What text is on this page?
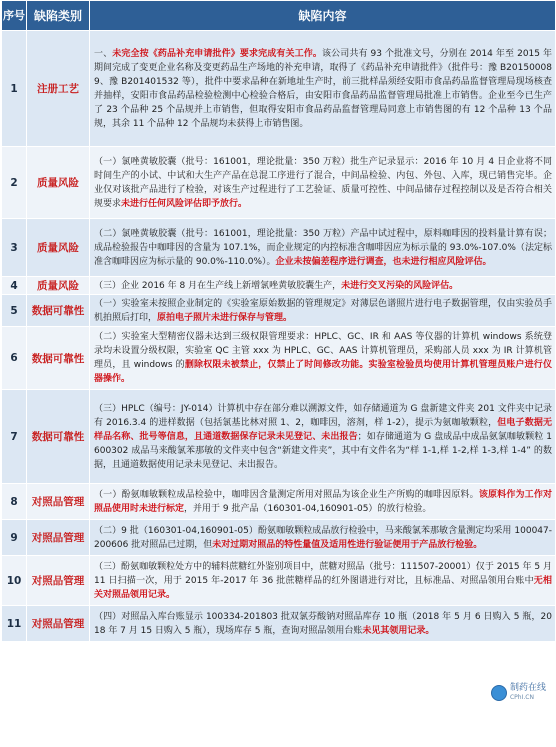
序号	缺陷类别	缺陷内容
1	注册工艺	一、未完全按《药品补充申请批件》要求完成有关工作。该公司共有 93 个批准文号，分别在 2014 年至 2015 年期间完成了变更企业名称及变更药品生产场地的补充申请，取得了《药品补充申请批件》（批件号：豫 B201500089、豫 B201401532 等），批件中要求品种在新地址生产时，前三批样品须经安阳市食品药品监督管理局现场核查并抽样，安阳市食品药品检验检测中心检验合格后，由安阳市食品药品监督管理局批准上市销售。企业至今已生产了 23 个品种 25 个品规并上市销售，但取得安阳市食品药品监督管理局同意上市销售图的有 12 个品种 13 个品规，其余 11 个品种 12 个品规均未获得上市销售图。
2	质量风险	（一）氯唑黄敏胶囊（批号：161001，理论批量：350 万粒）批生产记录显示：2016 年 10 月 4 日企业将不同时间生产的小试、中试和大生产产品在总混工序进行了混合，中间品检验、内包、外包、入库，现已销售完毕。企业仅对该批产品进行了检验，对该生产过程进行了工艺验证、质量可控性、中间品储存过程控制以及是否符合相关规要求未进行任何风险评估即予放行。
3	质量风险	（二）氯唑黄敏胶囊（批号：161001，理论批量：350 万粒）产品中试过程中，原料咖啡因的投料量计算有误；成品检验报告中咖啡因的含量为 107.1%，而企业规定的内控标准含咖啡因应为标示量的 93.0%-107.0%（法定标准含咖啡因应为标示量的 90.0%-110.0%）。企业未按偏差程序进行调查，也未进行相应风险评估。
4	质量风险	（三）企业 2016 年 8 月在生产线上新增氯唑黄敏胶囊生产，未进行交叉污染的风险评估。
5	数据可靠性	（一）实验室未按照企业制定的《实验室原始数据的管理规定》对薄层色谱照片进行电子数据管理，仅由实验员手机拍照后打印，原拍电子照片未进行保存与管理。
6	数据可靠性	（二）实验室大型精密仪器未达到三级权限管理要求：HPLC、GC、IR 和 AAS 等仪器的计算机 windows 系统登录均未设置分级权限，实验室 QC 主管 xxx 为 HPLC、GC、AAS 计算机管理员，采购部人员 xxx 为 IR 计算机管理员，且 windows 的删除权限未被禁止，仅禁止了时间修改功能。实验室检验员均使用计算机管理员账户进行仪器操作。
7	数据可靠性	（三）HPLC（编号：JY-014）计算机中存在部分难以溯源文件，如存储通道为 G 盘新建文件夹 201 文件夹中记录有 2016.3.4 的进样数据（包括氯基比林对照 1、2，咖啡因，溶剂，样 1-2），提示为氨咖敏颗粒，但电子数据无样品名称、批号等信息，且通道数据保存记录未见登记、未出报告；如存储通道为 G 盘成品中成品氨氯咖敏颗粒 1600302 成品马来酸氯苯那敏的文件夹中包含“新建文件夹”，其中有文件名为“样 1-1,样 1-2,样 1-3,样 1-4” 的数据，且通道数据使用记录未见登记、未出报告。
8	对照品管理	（一）酚氨咖敏颗粒成品检验中，咖啡因含量测定所用对照品为该企业生产所购的咖啡因原料。该原料作为工作对照品使用时未进行标定，并用于 9 批产品（160301-04,160901-05）的放行检验。
9	对照品管理	（二）9 批（160301-04,160901-05）酚氨咖敏颗粒成品放行检验中，马来酸氯苯那敏含量测定均采用 100047-200606 批对照品已过期，但未对过期对照品的特性量值及适用性进行验证便用于产品放行检验。
10	对照品管理	（三）酚氨咖敏颗粒处方中的辅料蔗糖红外鉴别项目中，蔗糖对照品（批号：111507-20001）仅于 2015 年 5 月 11 日扫描一次，用于 2015 年-2017 年 36 批蔗糖样品的红外图谱进行对比，且标准品、对照品领用台账中无相关对照品领用记录。
11	对照品管理	（四）对照品入库台账显示 100334-201803 批双氯芬酸钠对照品库存 10 瓶（2018 年 5 月 6 日购入 5 瓶，2018 年 7 月 15 日购入 5 瓶），现场库存 5 瓶，查询对照品领用台账未见其领用记录。
制药在线
CPhI.CN
